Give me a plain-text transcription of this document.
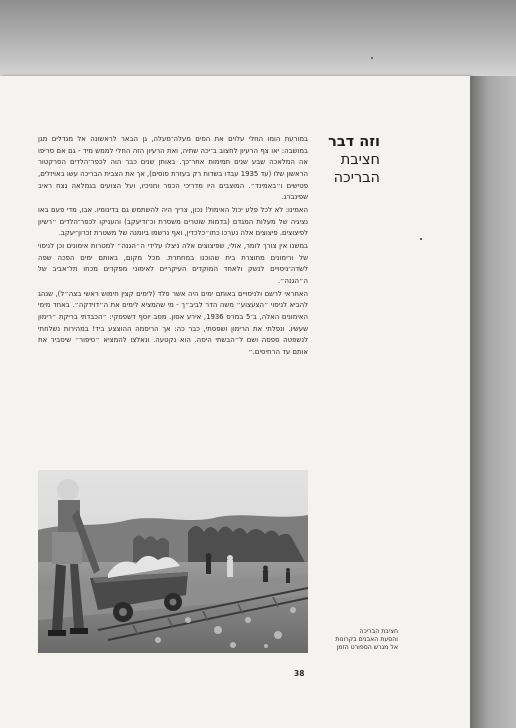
וזה דבר
חציבת
הבריכה

במורעת הומו החלי עלוים את הסים מעלה־מעלה, גן הבאר לראשונה אל מגדלים מגן במושבה: יאו צף הרעיון לחצוב ב־יכה שתיה, ואת הרעיון הזה החלי לממש מיד - גם אם סריפו אה המלאכה שבע שנים תמימות אחר־כך. באותן שנים כבר הוה לכפר־הלדים הסרקטור הראשון שלו (עד 1935 עבדו בשדות רק בעזרת סוסים), אך את הצבית הבריכה עשו באויזלים, פטישים ו״באמינד״. המוצבים היו מדריכי הכפר וחניכיו, ועל הצועים בגמלאה נצח ראיב שפינברג.

האמינו: לא לכל פלע יכול האימול! נכון, צריך היה להשתמש גם בדינומיו. אבו, מדי פעם באו נציגיה של מעלות המגדם (בדמות שוטרים משסרת וכ־ודיעקב) והעניקו לכפר־הלדים ״רשיון לפיצוצים. פיצוצים אלה נערכו כתו״כלכדין, ואף נרשמו ביומנה של משטרת זכרון־יעקב.

במשנו אין צורך לומר, אולי, שפיצוצים אלה ניצלו עלידי ה״הגנה״ למטרות אימונים וכן לניסוי של ורימונים מתוצרת בית שהוכנו במחתרת. מכל מקום, באותם ימים הפכה שפה לשדה־ניסויים לנשק ולאחד המוקדים העיקריים לאימוני מפקדים מכחו תל־אביב של ה״הגנה״.

האחראי לרשם ולניסויים באותם ימים היה אשר פלד (לימים קצין חימוש ראשי בצה״ל), שנהג להביא לניסוי ״הצעצוע״ משה הדר לביב״ך - מי שהמציא לימים את ה״דוידקה״. באחד מימי האימונים האלה, ב־5 במרס 1936, אירע אסון. מסב יוסף דשפסקי: ״הכבדתי בריקת ״רימון שעשיו. ונפלתי את הרימון ושפסתי, כבר כה: אך הריסמה ההוצצע ביד! במהירות נשלחתי לנשפטה ספסה ושם ל״הבשתי היסה. הוא נקטעה. ונאלצו להמציא ״סיפור״ שיסביר את אותם עד הרחיסים.״

חציבת הבריכה
והסעת האבנים בקרונות
אל מגרש הספורט הזמן
38
